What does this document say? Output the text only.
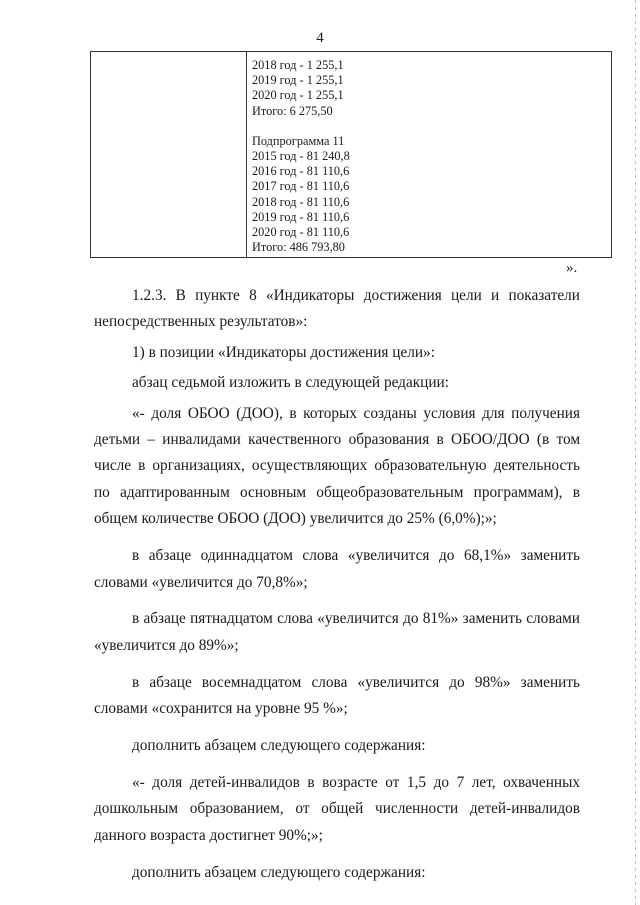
4
2018 год - 1 255,1
2019 год - 1 255,1
2020 год - 1 255,1
Итого: 6 275,50
Подпрограмма 11
2015 год - 81 240,8
2016 год - 81 110,6
2017 год - 81 110,6
2018 год - 81 110,6
2019 год - 81 110,6
2020 год - 81 110,6
Итого: 486 793,80
».

1.2.3. В пункте 8 «Индикаторы достижения цели и показатели непосредственных результатов»:

1) в позиции «Индикаторы достижения цели»:

абзац седьмой изложить в следующей редакции:

«- доля ОБОО (ДОО), в которых созданы условия для получения детьми – инвалидами качественного образования в ОБОО/ДОО (в том числе в организациях, осуществляющих образовательную деятельность по адаптированным основным общеобразовательным программам), в общем количестве ОБОО (ДОО) увеличится до 25% (6,0%);»;

в абзаце одиннадцатом слова «увеличится до 68,1%» заменить словами «увеличится до 70,8%»;

в абзаце пятнадцатом слова «увеличится до 81%» заменить словами «увеличится до 89%»;

в абзаце восемнадцатом слова «увеличится до 98%» заменить словами «сохранится на уровне 95 %»;

дополнить абзацем следующего содержания:

«- доля детей-инвалидов в возрасте от 1,5 до 7 лет, охваченных дошкольным образованием, от общей численности детей-инвалидов данного возраста достигнет 90%;»;

дополнить абзацем следующего содержания:
